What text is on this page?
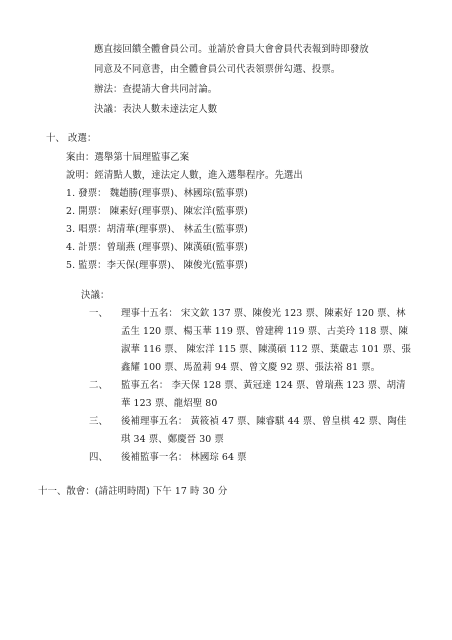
應直接回饋全體會員公司。並請於會員大會會員代表報到時即發放
同意及不同意書，由全體會員公司代表領票併勾選、投票。
辦法：查提請大會共同討論。
決議：表決人數未達法定人數
十、 改選：
案由：選舉第十屆理監事乙案
說明：經清點人數，達法定人數，進入選舉程序。先選出
1. 發票： 魏趙勝(理事票)、林國琮(監事票)
2. 開票： 陳素好(理事票)、陳宏洋(監事票)
3. 唱票：胡清華(理事票)、 林孟生(監事票)
4. 計票：曾瑞燕 (理事票)、陳漢碩(監事票)
5. 監票：李天保(理事票)、 陳俊光(監事票)
決議：
一、 理事十五名： 宋文欽 137 票、陳俊光 123 票、陳素好 120 票、林
孟生 120 票、楊玉華 119 票、曾建稗 119 票、古美玲 118 票、陳
淑華 116 票、 陳宏洋 115 票、陳漢碩 112 票、葉嚴志 101 票、張
鑫耀 100 票、馬盈莉 94 票、曾文慶 92 票、張法裕 81 票。
二、 監事五名： 李天保 128 票、黃冠達 124 票、曾瑞燕 123 票、胡清
華 123 票、龍炤聖 80
三、 後補理事五名： 黃筱禎 47 票、陳睿騏 44 票、曾皇棋 42 票、陶佳
琪 34 票、鄭慶晉 30 票
四、 後補監事一名： 林國琮 64 票
十一、散會：(請註明時間) 下午 17 時 30 分
